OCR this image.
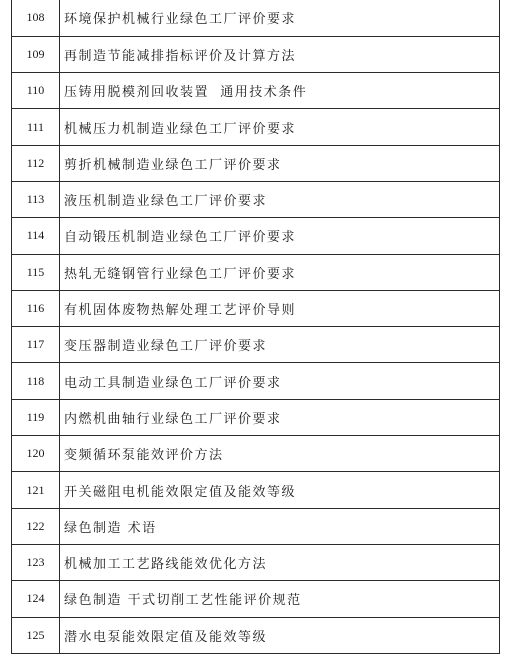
108	环境保护机械行业绿色工厂评价要求
109	再制造节能减排指标评价及计算方法
110	压铸用脱模剂回收装置  通用技术条件
111	机械压力机制造业绿色工厂评价要求
112	剪折机械制造业绿色工厂评价要求
113	液压机制造业绿色工厂评价要求
114	自动锻压机制造业绿色工厂评价要求
115	热轧无缝钢管行业绿色工厂评价要求
116	有机固体废物热解处理工艺评价导则
117	变压器制造业绿色工厂评价要求
118	电动工具制造业绿色工厂评价要求
119	内燃机曲轴行业绿色工厂评价要求
120	变频循环泵能效评价方法
121	开关磁阻电机能效限定值及能效等级
122	绿色制造 术语
123	机械加工工艺路线能效优化方法
124	绿色制造 干式切削工艺性能评价规范
125	潜水电泵能效限定值及能效等级
